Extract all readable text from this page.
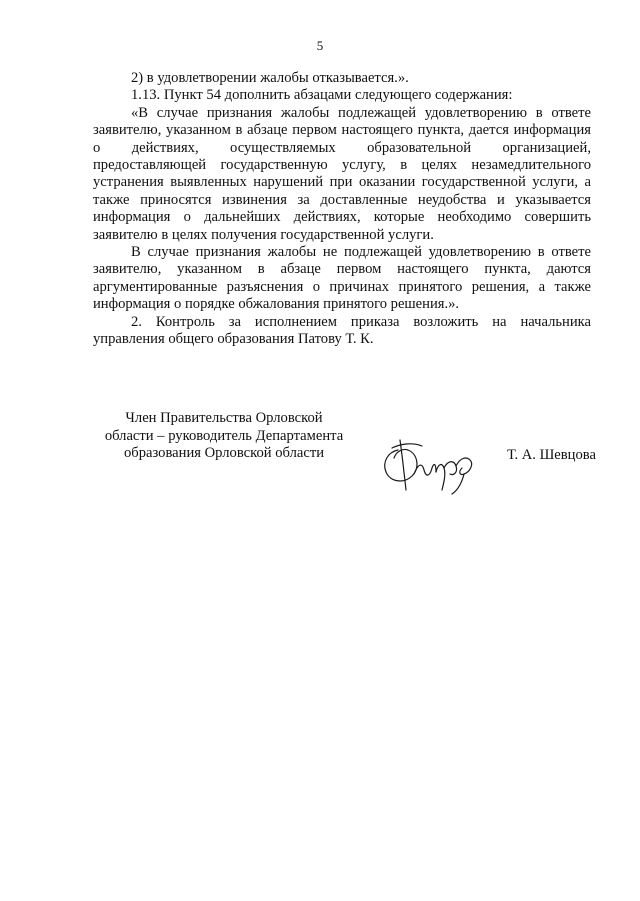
5

2) в удовлетворении жалобы отказывается.».

1.13. Пункт 54 дополнить абзацами следующего содержания:

«В случае признания жалобы подлежащей удовлетворению в ответе заявителю, указанном в абзаце первом настоящего пункта, дается информация о действиях, осуществляемых образовательной организацией, предоставляющей государственную услугу, в целях незамедлительного устранения выявленных нарушений при оказании государственной услуги, а также приносятся извинения за доставленные неудобства и указывается информация о дальнейших действиях, которые необходимо совершить заявителю в целях получения государственной услуги.

В случае признания жалобы не подлежащей удовлетворению в ответе заявителю, указанном в абзаце первом настоящего пункта, даются аргументированные разъяснения о причинах принятого решения, а также информация о порядке обжалования принятого решения.».

2. Контроль за исполнением приказа возложить на начальника управления общего образования Патову Т. К.

Член Правительства Орловской
области – руководитель Департамента
образования Орловской области	Т. А. Шевцова
